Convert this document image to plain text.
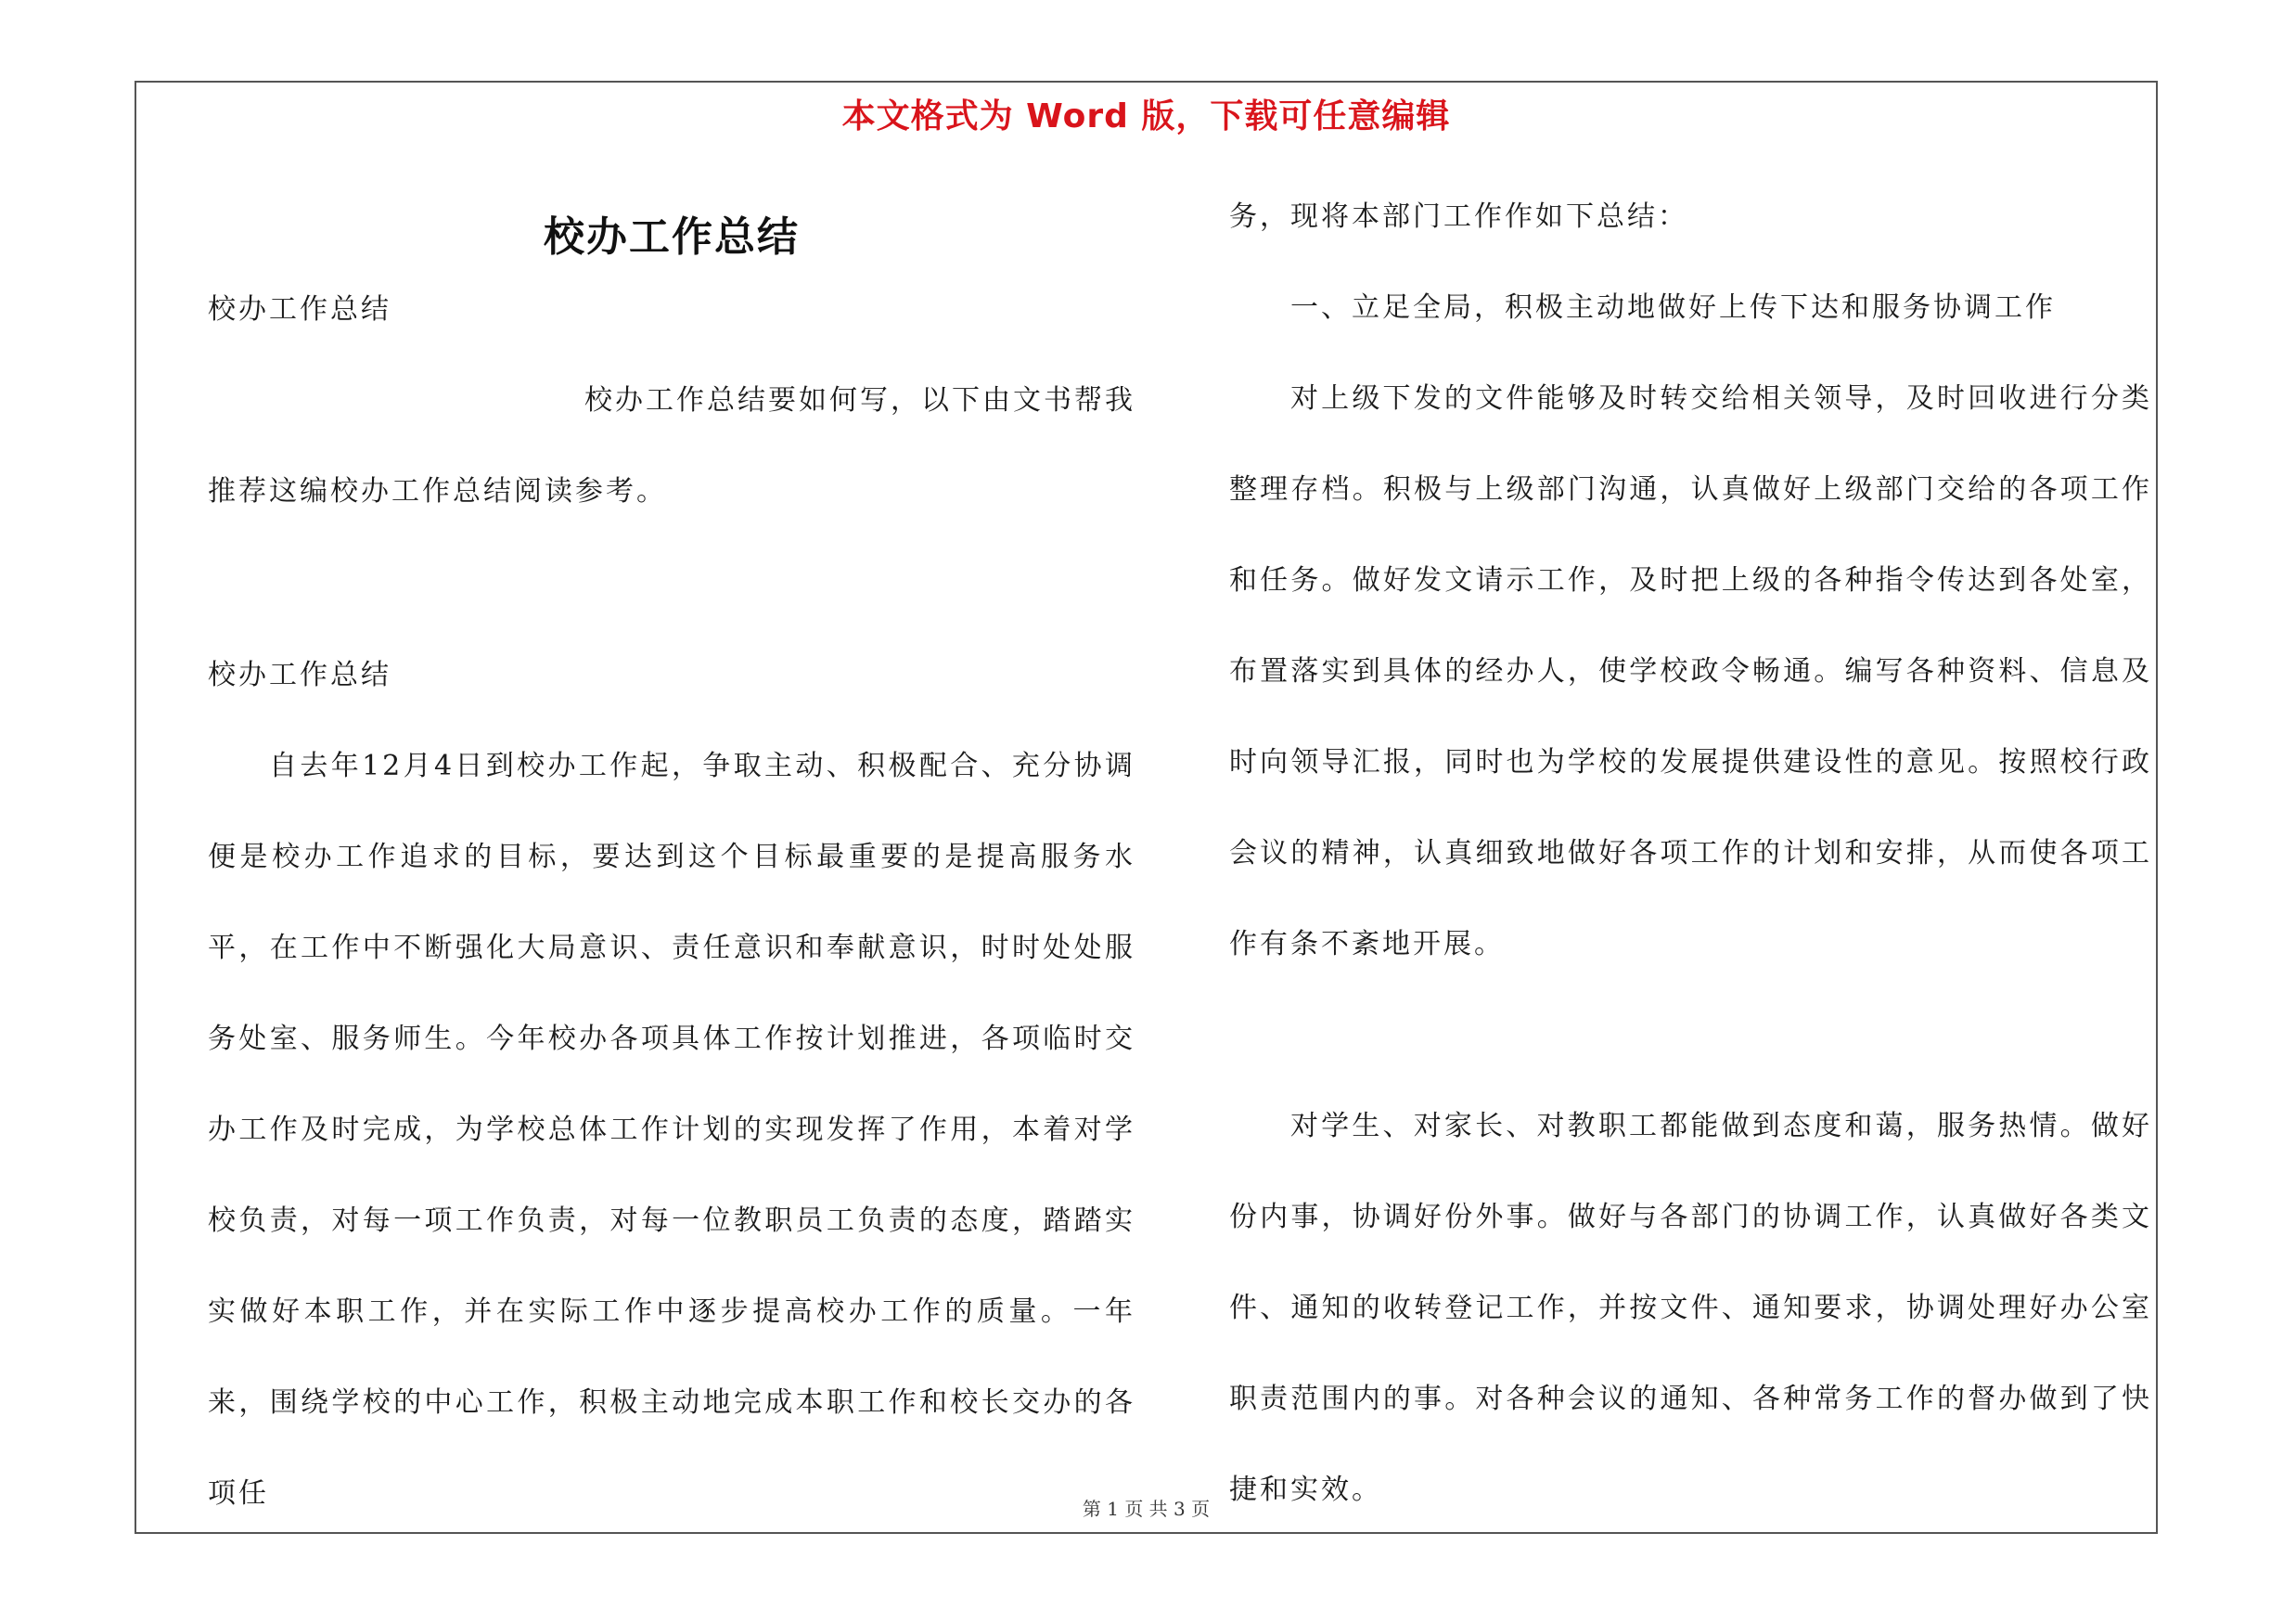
本文格式为 Word 版，下载可任意编辑
校办工作总结

校办工作总结

校办工作总结要如何写，以下由文书帮我

推荐这编校办工作总结阅读参考。

校办工作总结

自去年12月4日到校办工作起，争取主动、积极配合、充分协调便是校办工作追求的目标，要达到这个目标最重要的是提高服务水平，在工作中不断强化大局意识、责任意识和奉献意识，时时处处服务处室、服务师生。今年校办各项具体工作按计划推进，各项临时交办工作及时完成，为学校总体工作计划的实现发挥了作用，本着对学校负责，对每一项工作负责，对每一位教职员工负责的态度，踏踏实实做好本职工作，并在实际工作中逐步提高校办工作的质量。一年来，围绕学校的中心工作，积极主动地完成本职工作和校长交办的各项任

务，现将本部门工作作如下总结：

一、立足全局，积极主动地做好上传下达和服务协调工作

对上级下发的文件能够及时转交给相关领导，及时回收进行分类整理存档。积极与上级部门沟通，认真做好上级部门交给的各项工作和任务。做好发文请示工作，及时把上级的各种指令传达到各处室，布置落实到具体的经办人，使学校政令畅通。编写各种资料、信息及时向领导汇报，同时也为学校的发展提供建设性的意见。按照校行政会议的精神，认真细致地做好各项工作的计划和安排，从而使各项工作有条不紊地开展。

对学生、对家长、对教职工都能做到态度和蔼，服务热情。做好份内事，协调好份外事。做好与各部门的协调工作，认真做好各类文件、通知的收转登记工作，并按文件、通知要求，协调处理好办公室职责范围内的事。对各种会议的通知、各种常务工作的督办做到了快捷和实效。

第 1 页 共 3 页
